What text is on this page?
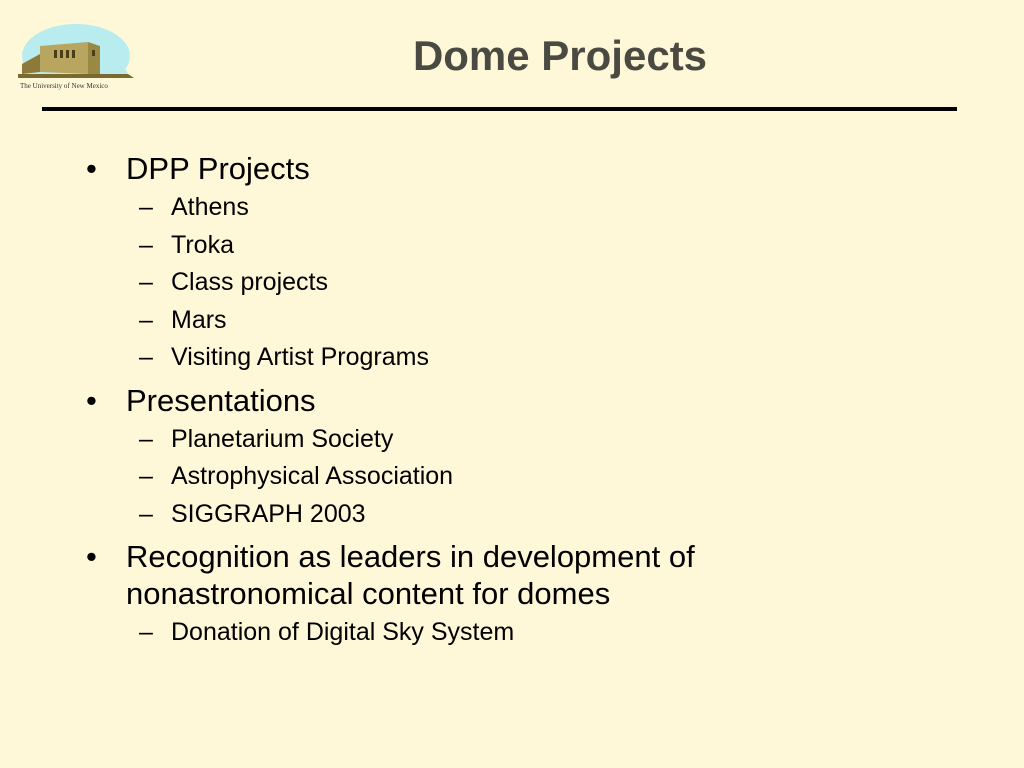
The University of New Mexico
Dome Projects
• DPP Projects
– Athens
– Troka
– Class projects
– Mars
– Visiting Artist Programs
• Presentations
– Planetarium Society
– Astrophysical Association
– SIGGRAPH 2003
• Recognition as leaders in development of nonastronomical content for domes
– Donation of Digital Sky System
